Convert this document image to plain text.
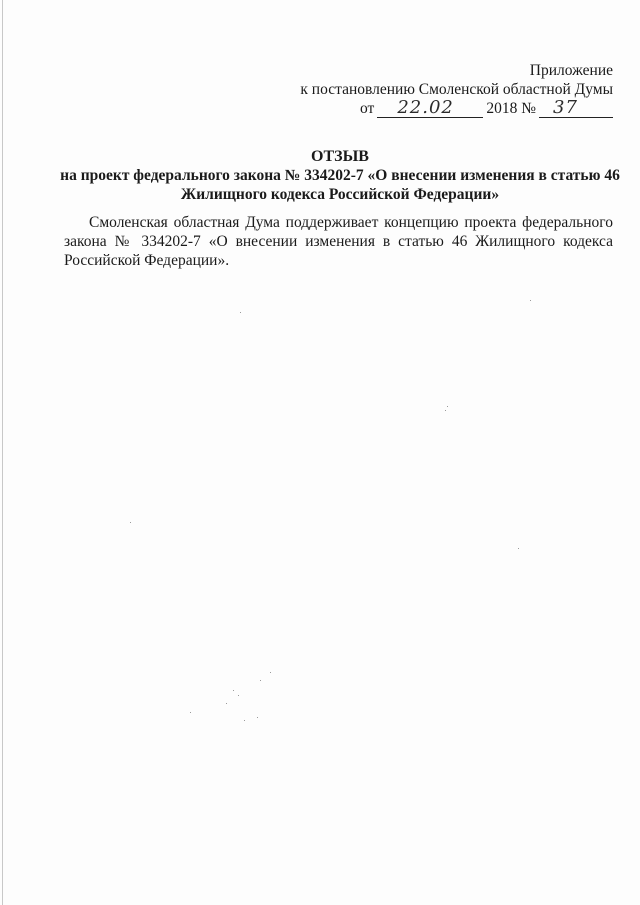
Приложение
к постановлению Смоленской областной Думы
от 22.02 2018 № 37
ОТЗЫВ
на проект федерального закона № 334202-7 «О внесении изменения в статью 46
Жилищного кодекса Российской Федерации»
Смоленская областная Дума поддерживает концепцию проекта федерального закона № 334202-7 «О внесении изменения в статью 46 Жилищного кодекса Российской Федерации».
